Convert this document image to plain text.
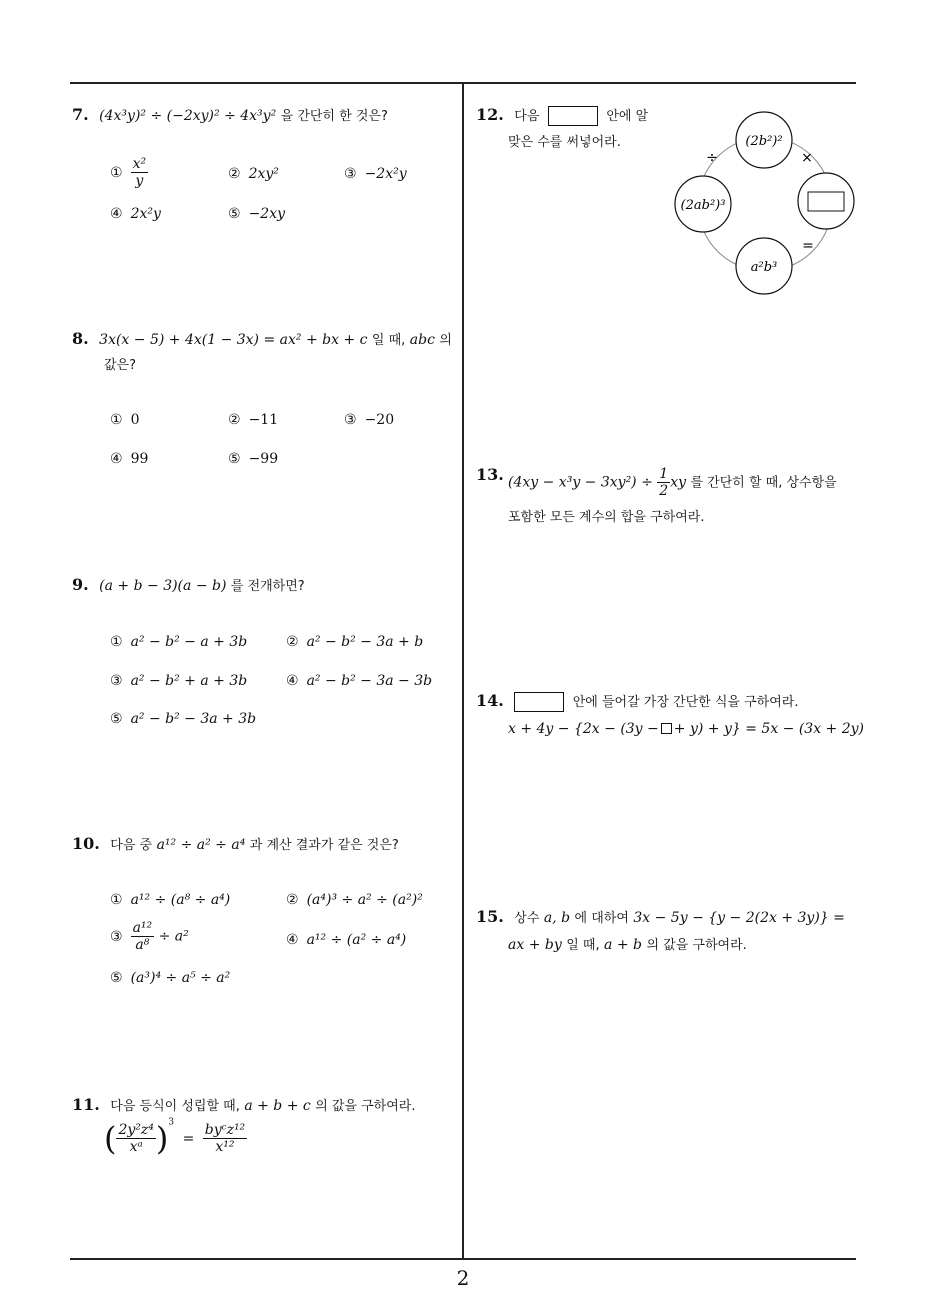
7. (4x³y)² ÷ (−2xy)² ÷ 4x³y² 을 간단히 한 것은?
① $\frac{\text{x²}}{y}$	② 2xy²	③ −2x²y
④ 2x²y	⑤ −2xy
8. 3x(x − 5) + 4x(1 − 3x) = ax² + bx + c 일 때, abc 의
값은?
① 0	② −11	③ −20
④ 99	⑤ −99
9. (a + b − 3)(a − b) 를 전개하면?
① a² − b² − a + 3b	② a² − b² − 3a + b
③ a² − b² + a + 3b	④ a² − b² − 3a − 3b
⑤ a² − b² − 3a + 3b
10. 다음 중 a¹² ÷ a² ÷ a⁴ 과 계산 결과가 같은 것은?
① a¹² ÷ (a⁸ ÷ a⁴)	② (a⁴)³ ÷ a² ÷ (a²)²
③ $\frac{\text{a¹²}}{\text{a⁸}} \div a^2$	④ a¹² ÷ (a² ÷ a⁴)
⑤ (a³)⁴ ÷ a⁵ ÷ a²
11. 다음 등식이 성립할 때, a + b + c 의 값을 구하여라.
( $\frac{\text{2y²z⁴}}{\text{xᵃ}} )^3 = \frac{\text{byᶜz¹²}}{\text{x¹²}}$
12. 다음	안에 알
맞은 수를 써넣어라.	(2b²)²
(2ab²)³
a²b³
÷	×
=
13. $(4xy - x^3y - 3xy^2) \div \frac{1}{2}$ xy 를 간단히 할 때, 상수항을
포함한 모든 계수의 합을 구하여라.
14.	안에 들어갈 가장 간단한 식을 구하여라.
x + 4y − {2x − (3y − + y) + y} = 5x − (3x + 2y)
15. 상수 a, b 에 대하여 3x − 5y − {y − 2(2x + 3y)} =
ax + by 일 때, a + b 의 값을 구하여라.
2
